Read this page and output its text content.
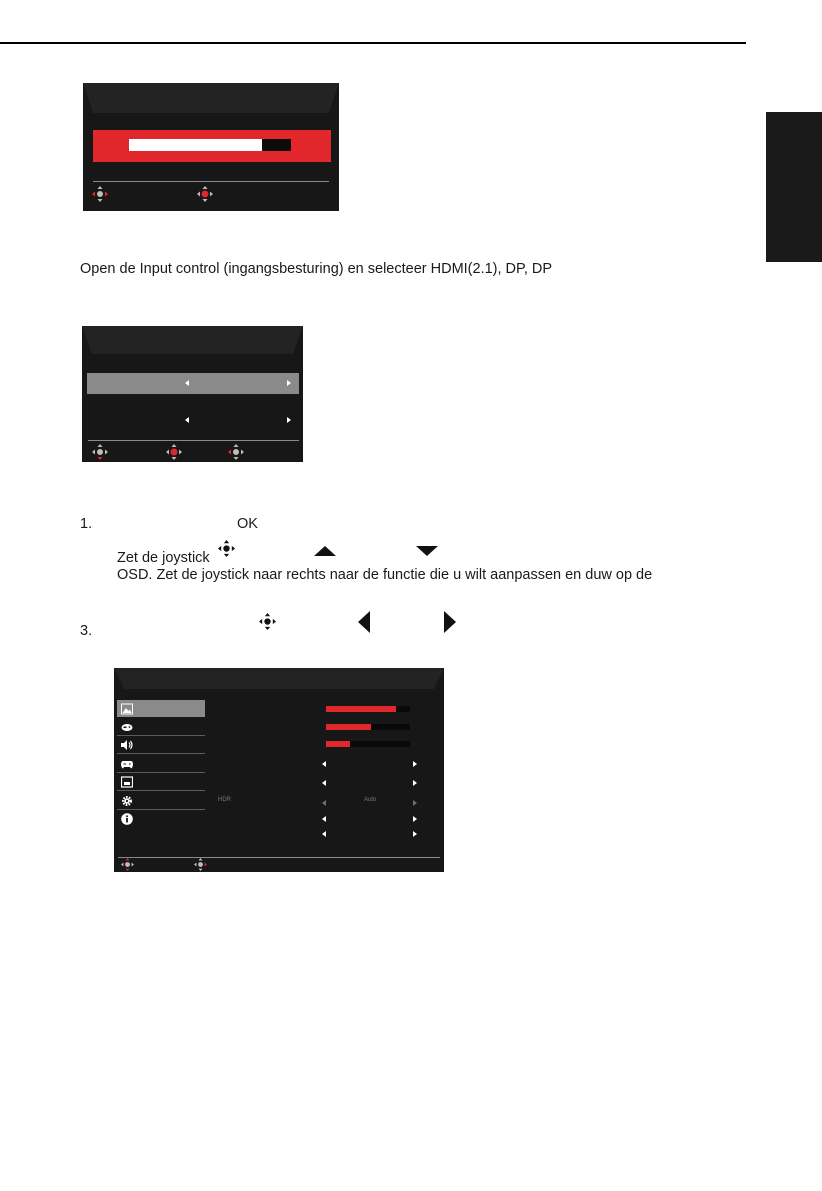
Open de Input control (ingangsbesturing) en selecteer HDMI(2.1), DP, DP
1.	OK
Zet de joystick
OSD. Zet de joystick naar rechts naar de functie die u wilt aanpassen en duw op de
3.
HDR	Auto
